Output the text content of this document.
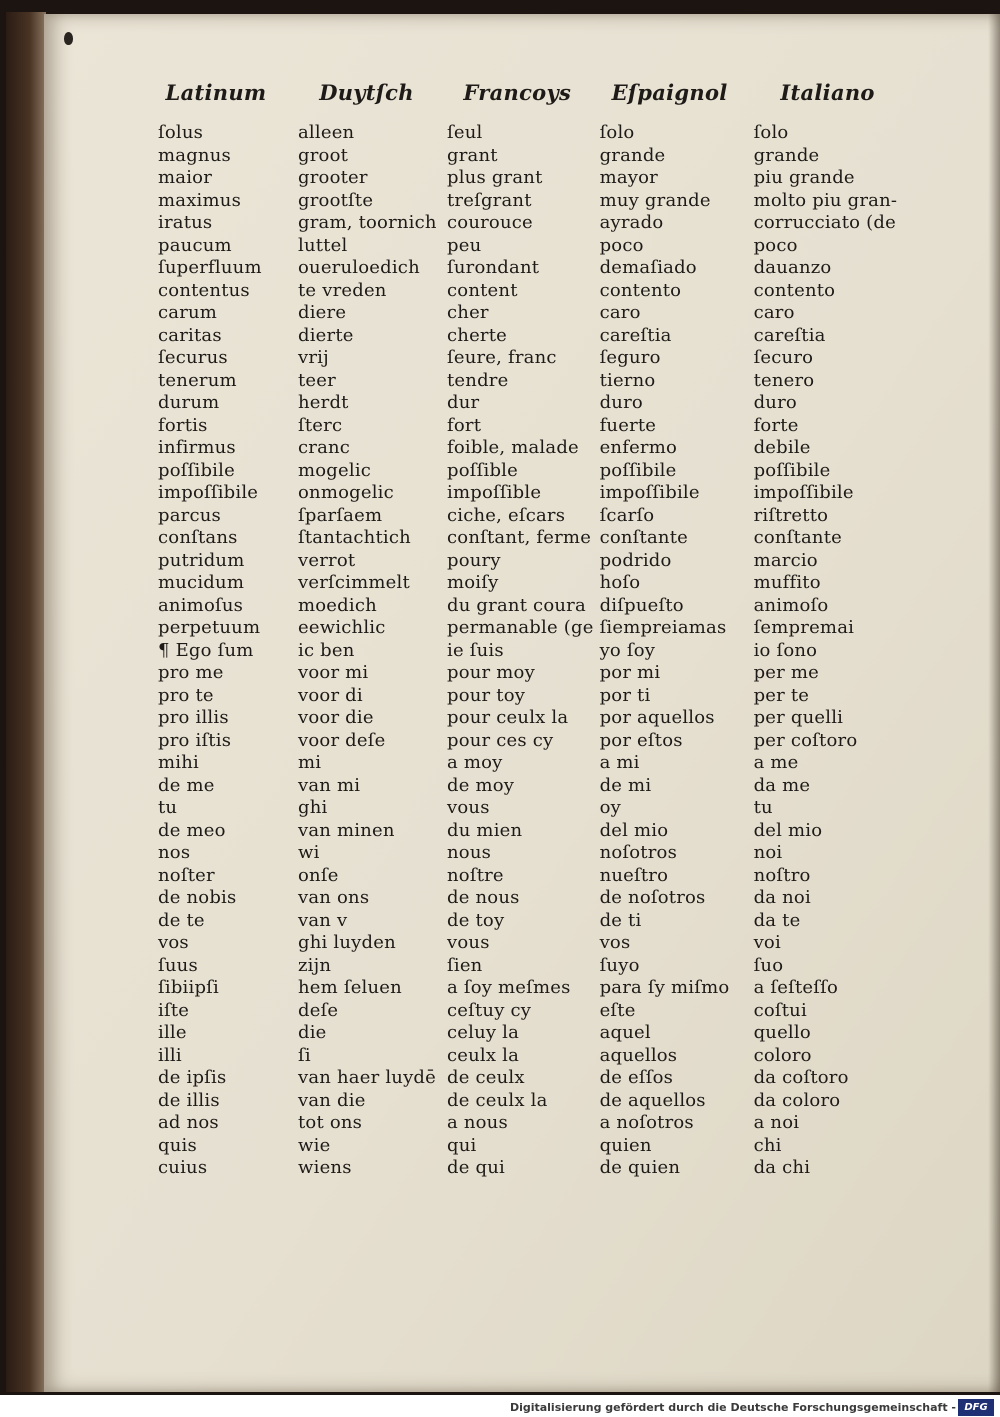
Latinum	Duytſch	Francoys	Eſpaignol	Italiano
ſolus	alleen	ſeul	ſolo	ſolo
magnus	groot	grant	grande	grande
maior	grooter	plus grant	mayor	piu grande
maximus	grootſte	treſgrant	muy grande	molto piu gran-
iratus	gram, toornich	courouce	ayrado	corrucciato (de
paucum	luttel	peu	poco	poco
ſuperfluum	oueruloedich	ſurondant	demaſiado	dauanzo
contentus	te vreden	content	contento	contento
carum	diere	cher	caro	caro
caritas	dierte	cherte	careſtia	careſtia
ſecurus	vrij	ſeure, franc	ſeguro	ſecuro
tenerum	teer	tendre	tierno	tenero
durum	herdt	dur	duro	duro
fortis	ſterc	fort	fuerte	forte
infirmus	cranc	foible, malade	enfermo	debile
poſſibile	mogelic	poſſible	poſſibile	poſſibile
impoſſibile	onmogelic	impoſſible	impoſſibile	impoſſibile
parcus	ſparſaem	ciche, eſcars	ſcarſo	riſtretto
conſtans	ſtantachtich	conſtant, ferme	conſtante	conſtante
putridum	verrot	poury	podrido	marcio
mucidum	verſcimmelt	moiſy	hoſo	muffito
animoſus	moedich	du grant coura	diſpueſto	animoſo
perpetuum	eewichlic	permanable (ge	ſiempreiamas	ſempremai
¶ Ego ſum	ic ben	ie ſuis	yo ſoy	io ſono
pro me	voor mi	pour moy	por mi	per me
pro te	voor di	pour toy	por ti	per te
pro illis	voor die	pour ceulx la	por aquellos	per quelli
pro iſtis	voor deſe	pour ces cy	por eſtos	per coſtoro
mihi	mi	a moy	a mi	a me
de me	van mi	de moy	de mi	da me
tu	ghi	vous	oy	tu
de meo	van minen	du mien	del mio	del mio
nos	wi	nous	noſotros	noi
noſter	onſe	noſtre	nueſtro	noſtro
de nobis	van ons	de nous	de noſotros	da noi
de te	van v	de toy	de ti	da te
vos	ghi luyden	vous	vos	voi
ſuus	zijn	ſien	ſuyo	ſuo
ſibiipſi	hem ſeluen	a ſoy meſmes	para ſy miſmo	a ſeſteſſo
iſte	deſe	ceſtuy cy	eſte	coſtui
ille	die	celuy la	aquel	quello
illi	ſi	ceulx la	aquellos	coloro
de ipſis	van haer luydē	de ceulx	de eſſos	da coſtoro
de illis	van die	de ceulx la	de aquellos	da coloro
ad nos	tot ons	a nous	a noſotros	a noi
quis	wie	qui	quien	chi
cuius	wiens	de qui	de quien	da chi
Digitalisierung gefördert durch die Deutsche Forschungsgemeinschaft - DFG
